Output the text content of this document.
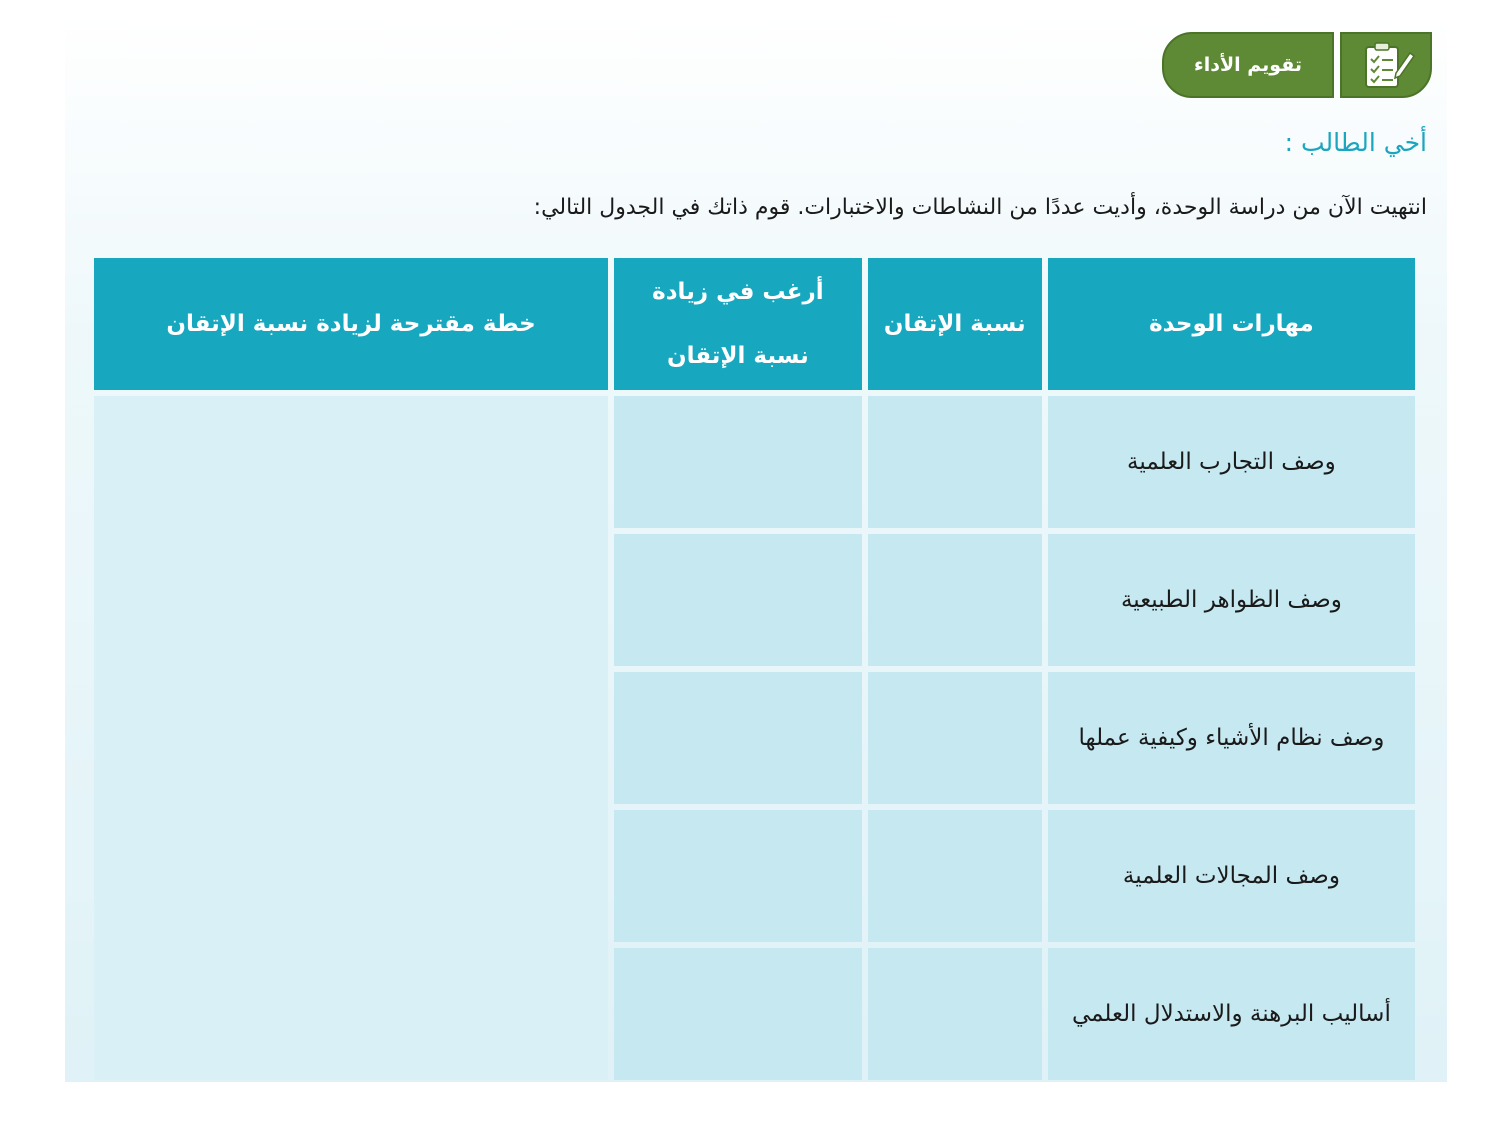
تقويم الأداء
أخي الطالب :
انتهيت الآن من دراسة الوحدة، وأديت عددًا من النشاطات والاختبارات. قوم ذاتك في الجدول التالي:
مهارات الوحدة	نسبة الإتقان	أرغب في زيادة نسبة الإتقان	خطة مقترحة لزيادة نسبة الإتقان
وصف التجارب العلمية			
وصف الظواهر الطبيعية			
وصف نظام الأشياء وكيفية عملها			
وصف المجالات العلمية			
أساليب البرهنة والاستدلال العلمي			
